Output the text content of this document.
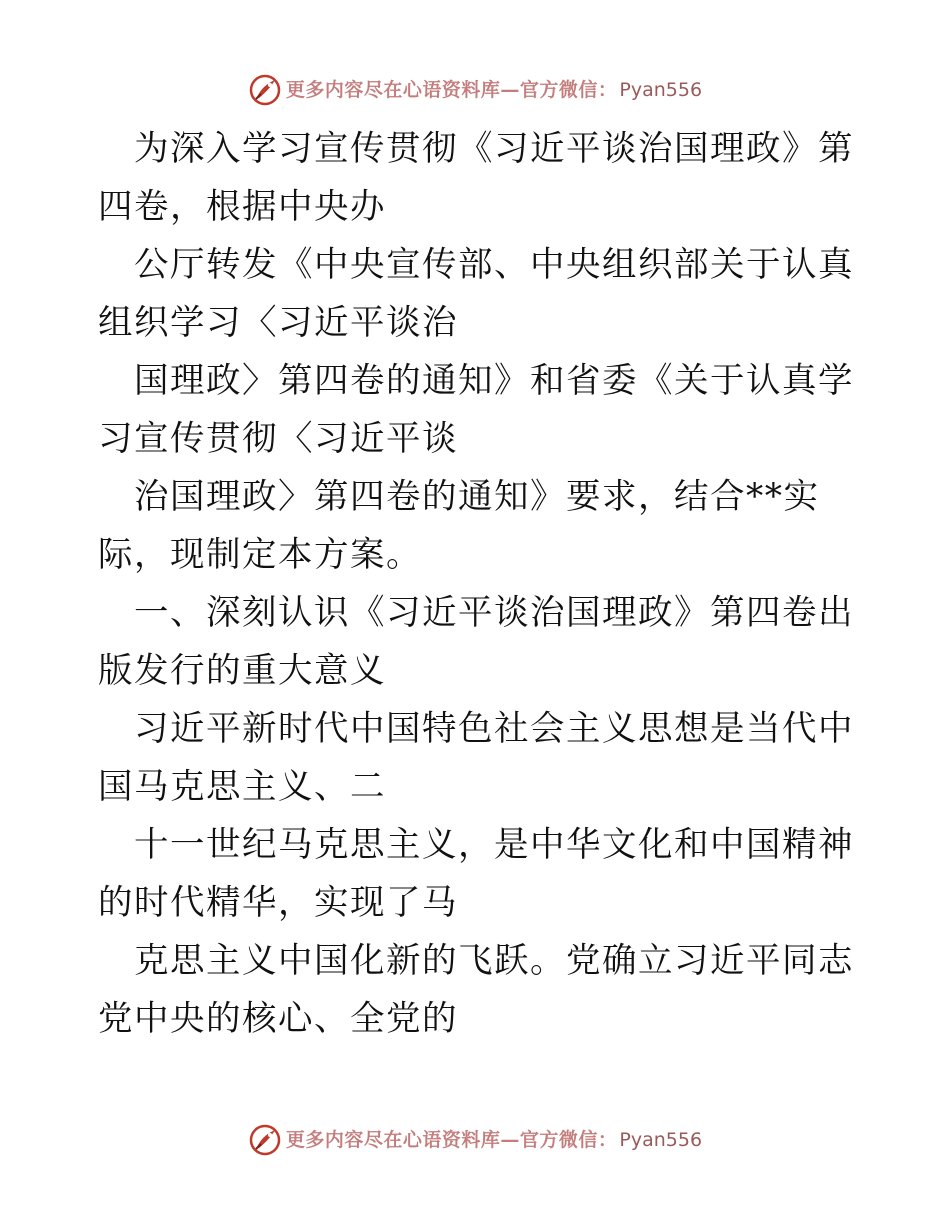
更多内容尽在心语资料库—官方微信： Pyan556

为深入学习宣传贯彻《习近平谈治国理政》第四卷，根据中央办

公厅转发《中央宣传部、中央组织部关于认真组织学习〈习近平谈治

国理政〉第四卷的通知》和省委《关于认真学习宣传贯彻〈习近平谈

治国理政〉第四卷的通知》要求，结合**实际，现制定本方案。

一、深刻认识《习近平谈治国理政》第四卷出版发行的重大意义

习近平新时代中国特色社会主义思想是当代中国马克思主义、二

十一世纪马克思主义，是中华文化和中国精神的时代精华，实现了马

克思主义中国化新的飞跃。党确立习近平同志党中央的核心、全党的

更多内容尽在心语资料库—官方微信： Pyan556
